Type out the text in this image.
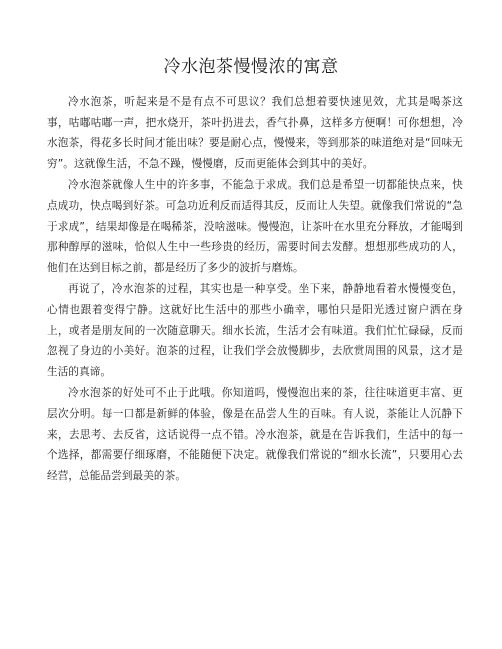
冷水泡茶慢慢浓的寓意

冷水泡茶，听起来是不是有点不可思议？我们总想着要快速见效，尤其是喝茶这事，咕嘟咕嘟一声，把水烧开，茶叶扔进去，香气扑鼻，这样多方便啊！可你想想，冷水泡茶，得花多长时间才能出味？要是耐心点，慢慢来，等到那茶的味道绝对是“回味无穷”。这就像生活，不急不躁，慢慢磨，反而更能体会到其中的美好。

冷水泡茶就像人生中的许多事，不能急于求成。我们总是希望一切都能快点来，快点成功，快点喝到好茶。可急功近利反而适得其反，反而让人失望。就像我们常说的“急于求成”，结果却像是在喝稀茶，没啥滋味。慢慢泡，让茶叶在水里充分释放，才能喝到那种醇厚的滋味，恰似人生中一些珍贵的经历，需要时间去发酵。想想那些成功的人，他们在达到目标之前，都是经历了多少的波折与磨炼。

再说了，冷水泡茶的过程，其实也是一种享受。坐下来，静静地看着水慢慢变色，心情也跟着变得宁静。这就好比生活中的那些小确幸，哪怕只是阳光透过窗户洒在身上，或者是朋友间的一次随意聊天。细水长流，生活才会有味道。我们忙忙碌碌，反而忽视了身边的小美好。泡茶的过程，让我们学会放慢脚步，去欣赏周围的风景，这才是生活的真谛。

冷水泡茶的好处可不止于此哦。你知道吗，慢慢泡出来的茶，往往味道更丰富、更层次分明。每一口都是新鲜的体验，像是在品尝人生的百味。有人说，茶能让人沉静下来，去思考、去反省，这话说得一点不错。冷水泡茶，就是在告诉我们，生活中的每一个选择，都需要仔细琢磨，不能随便下决定。就像我们常说的“细水长流”，只要用心去经营，总能品尝到最美的茶。
